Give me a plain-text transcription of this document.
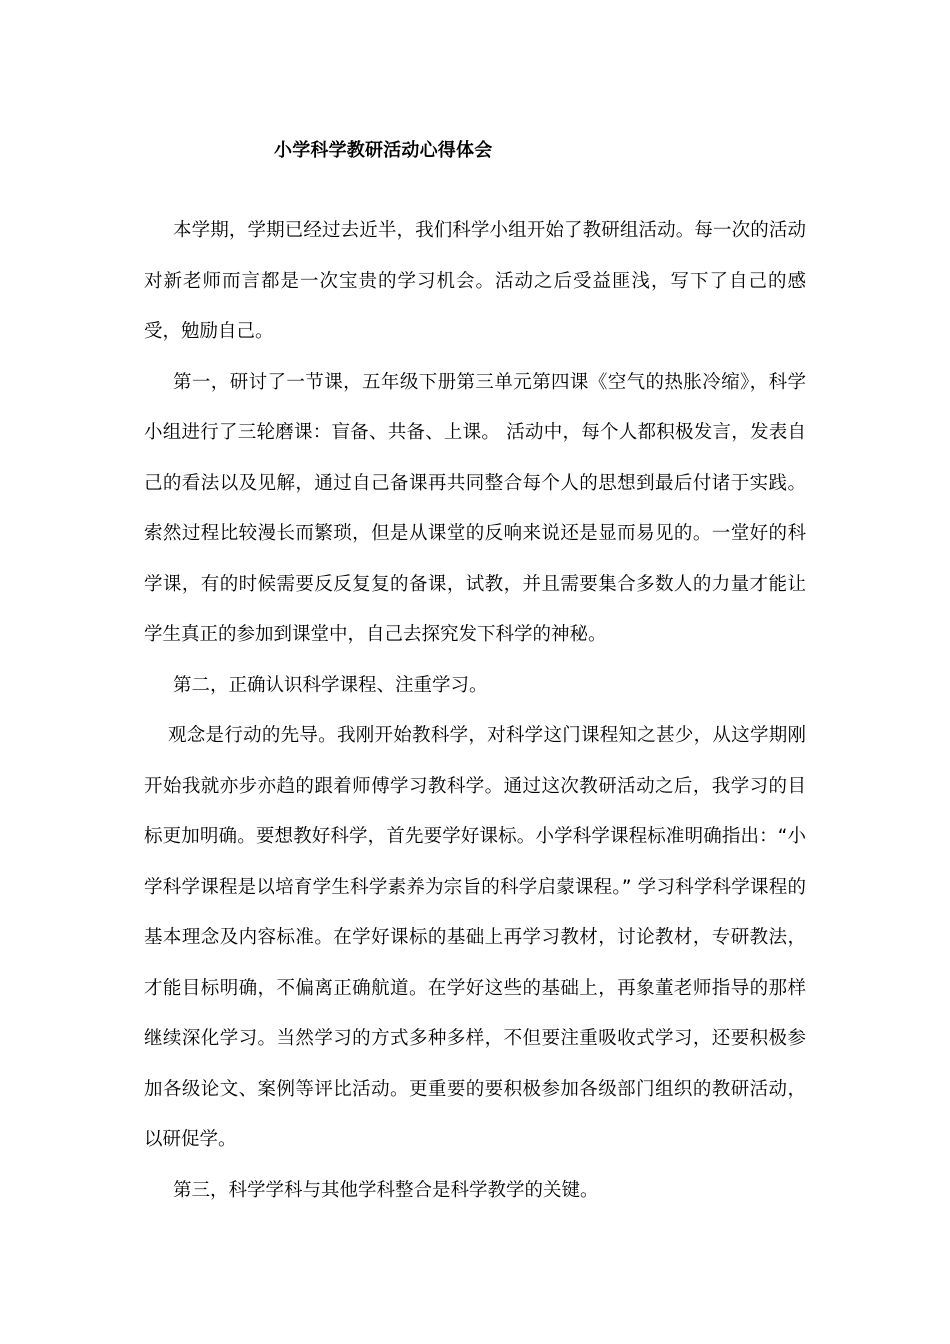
小学科学教研活动心得体会

本学期，学期已经过去近半，我们科学小组开始了教研组活动。每一次的活动对新老师而言都是一次宝贵的学习机会。活动之后受益匪浅，写下了自己的感受，勉励自己。

第一，研讨了一节课，五年级下册第三单元第四课《空气的热胀冷缩》，科学小组进行了三轮磨课：盲备、共备、上课。 活动中，每个人都积极发言，发表自己的看法以及见解，通过自己备课再共同整合每个人的思想到最后付诸于实践。索然过程比较漫长而繁琐，但是从课堂的反响来说还是显而易见的。一堂好的科学课，有的时候需要反反复复的备课，试教，并且需要集合多数人的力量才能让学生真正的参加到课堂中，自己去探究发下科学的神秘。

第二，正确认识科学课程、注重学习。

观念是行动的先导。我刚开始教科学，对科学这门课程知之甚少，从这学期刚开始我就亦步亦趋的跟着师傅学习教科学。通过这次教研活动之后，我学习的目标更加明确。要想教好科学，首先要学好课标。小学科学课程标准明确指出：“小学科学课程是以培育学生科学素养为宗旨的科学启蒙课程。” 学习科学科学课程的基本理念及内容标准。在学好课标的基础上再学习教材，讨论教材，专研教法，才能目标明确，不偏离正确航道。在学好这些的基础上，再象董老师指导的那样继续深化学习。当然学习的方式多种多样，不但要注重吸收式学习，还要积极参加各级论文、案例等评比活动。更重要的要积极参加各级部门组织的教研活动，以研促学。

第三，科学学科与其他学科整合是科学教学的关键。
